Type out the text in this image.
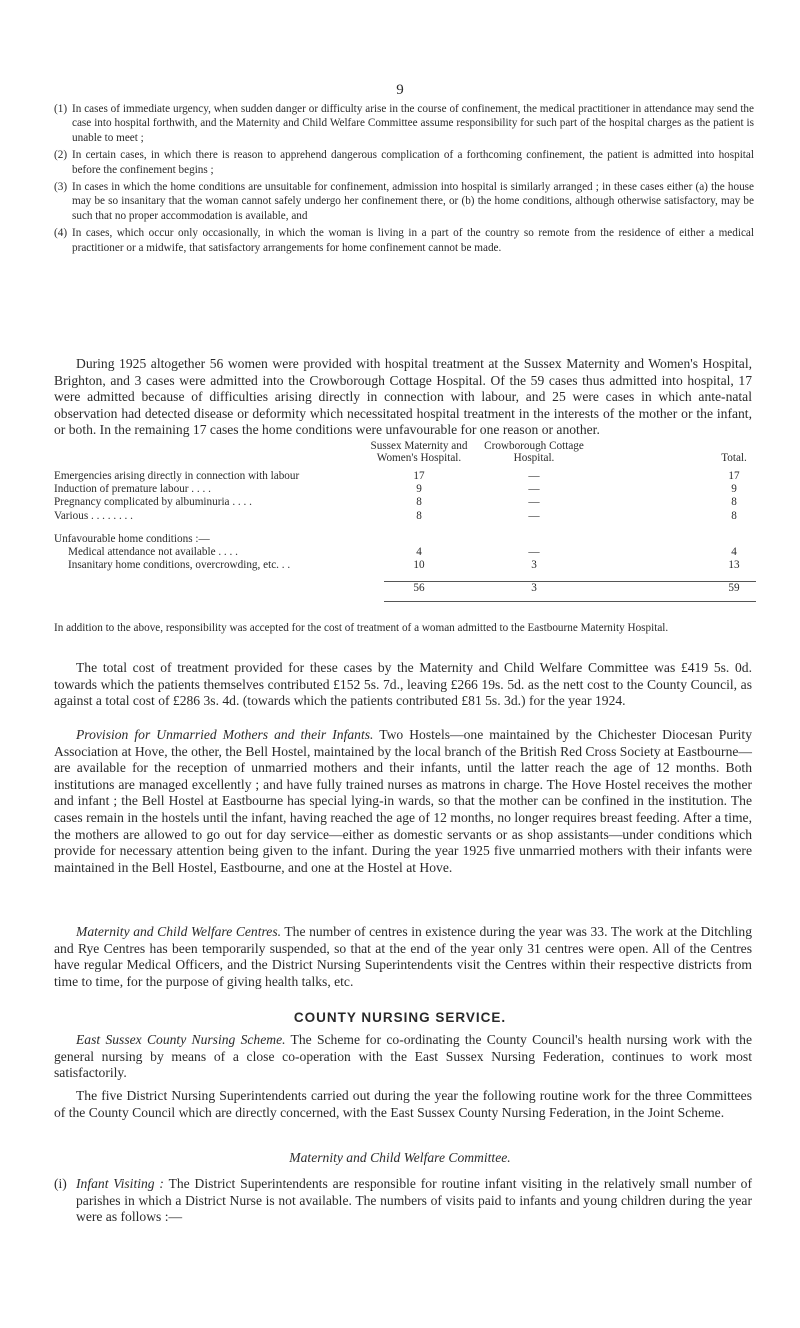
9
(1) In cases of immediate urgency, when sudden danger or difficulty arise in the course of confinement, the medical practitioner in attendance may send the case into hospital forthwith, and the Maternity and Child Welfare Committee assume responsibility for such part of the hospital charges as the patient is unable to meet ;
(2) In certain cases, in which there is reason to apprehend dangerous complication of a forthcoming confinement, the patient is admitted into hospital before the confinement begins ;
(3) In cases in which the home conditions are unsuitable for confinement, admission into hospital is similarly arranged ; in these cases either (a) the house may be so insanitary that the woman cannot safely undergo her confinement there, or (b) the home conditions, although otherwise satisfactory, may be such that no proper accommodation is available, and
(4) In cases, which occur only occasionally, in which the woman is living in a part of the country so remote from the residence of either a medical practitioner or a midwife, that satisfactory arrangements for home confinement cannot be made.

During 1925 altogether 56 women were provided with hospital treatment at the Sussex Maternity and Women's Hospital, Brighton, and 3 cases were admitted into the Crowborough Cottage Hospital. Of the 59 cases thus admitted into hospital, 17 were admitted because of difficulties arising directly in connection with labour, and 25 were cases in which ante-natal observation had detected disease or deformity which necessitated hospital treatment in the interests of the mother or the infant, or both. In the remaining 17 cases the home conditions were unfavourable for one reason or another.

Sussex Maternity and
Women's Hospital.
Crowborough Cottage
Hospital.	Total.
Emergencies arising directly in connection with labour	17	—	17
Induction of premature labour . . . .	9	—	9
Pregnancy complicated by albuminuria . . . .	8	—	8
Various . . . . . . . .	8	—	8
Unfavourable home conditions :—
Medical attendance not available . . . .	4	—	4
Insanitary home conditions, overcrowding, etc. . .	10	3	13
56	3	59

In addition to the above, responsibility was accepted for the cost of treatment of a woman admitted to the Eastbourne Maternity Hospital.

The total cost of treatment provided for these cases by the Maternity and Child Welfare Committee was £419 5s. 0d. towards which the patients themselves contributed £152 5s. 7d., leaving £266 19s. 5d. as the nett cost to the County Council, as against a total cost of £286 3s. 4d. (towards which the patients contributed £81 5s. 3d.) for the year 1924.

Provision for Unmarried Mothers and their Infants. Two Hostels—one maintained by the Chichester Diocesan Purity Association at Hove, the other, the Bell Hostel, maintained by the local branch of the British Red Cross Society at Eastbourne—are available for the reception of unmarried mothers and their infants, until the latter reach the age of 12 months. Both institutions are managed excellently ; and have fully trained nurses as matrons in charge. The Hove Hostel receives the mother and infant ; the Bell Hostel at Eastbourne has special lying-in wards, so that the mother can be confined in the institution. The cases remain in the hostels until the infant, having reached the age of 12 months, no longer requires breast feeding. After a time, the mothers are allowed to go out for day service—either as domestic servants or as shop assistants—under conditions which provide for necessary attention being given to the infant. During the year 1925 five unmarried mothers with their infants were maintained in the Bell Hostel, Eastbourne, and one at the Hostel at Hove.

Maternity and Child Welfare Centres. The number of centres in existence during the year was 33. The work at the Ditchling and Rye Centres has been temporarily suspended, so that at the end of the year only 31 centres were open. All of the Centres have regular Medical Officers, and the District Nursing Superintendents visit the Centres within their respective districts from time to time, for the purpose of giving health talks, etc.

COUNTY NURSING SERVICE.

East Sussex County Nursing Scheme. The Scheme for co-ordinating the County Council's health nursing work with the general nursing by means of a close co-operation with the East Sussex Nursing Federation, continues to work most satisfactorily.

The five District Nursing Superintendents carried out during the year the following routine work for the three Committees of the County Council which are directly concerned, with the East Sussex County Nursing Federation, in the Joint Scheme.

Maternity and Child Welfare Committee.

(i) Infant Visiting : The District Superintendents are responsible for routine infant visiting in the relatively small number of parishes in which a District Nurse is not available. The numbers of visits paid to infants and young children during the year were as follows :—
